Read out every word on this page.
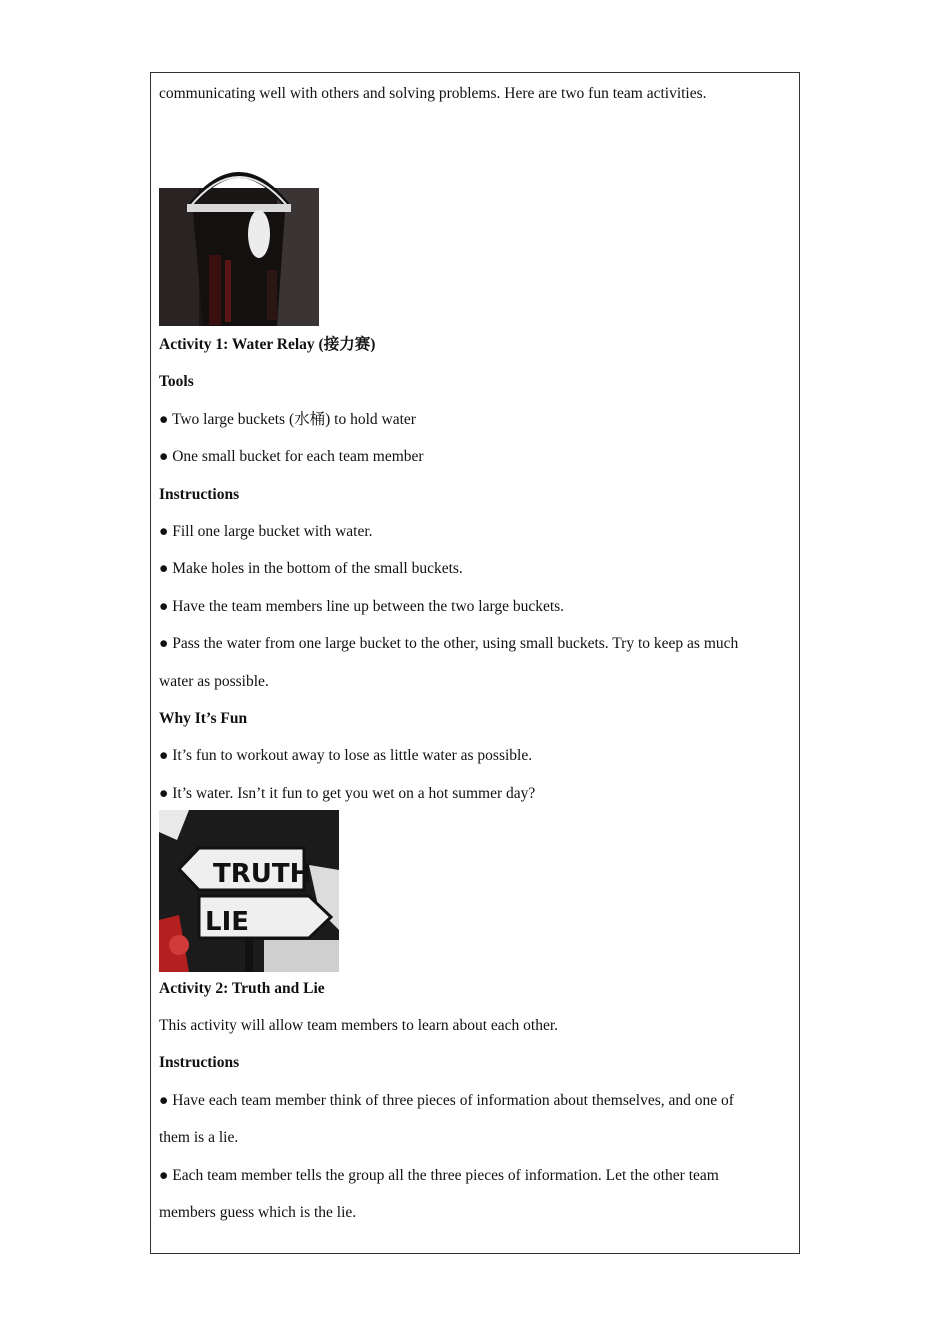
communicating well with others and solving problems. Here are two fun team activities.

Activity 1: Water Relay (接力赛)

Tools

● Two large buckets (水桶) to hold water

● One small bucket for each team member

Instructions

● Fill one large bucket with water.

● Make holes in the bottom of the small buckets.

● Have the team members line up between the two large buckets.

● Pass the water from one large bucket to the other, using small buckets. Try to keep as much

water as possible.

Why It’s Fun

● It’s fun to workout away to lose as little water as possible.

● It’s water. Isn’t it fun to get you wet on a hot summer day?

TRUTH
LIE

Activity 2: Truth and Lie

This activity will allow team members to learn about each other.

Instructions

● Have each team member think of three pieces of information about themselves, and one of

them is a lie.

● Each team member tells the group all the three pieces of information. Let the other team

members guess which is the lie.
